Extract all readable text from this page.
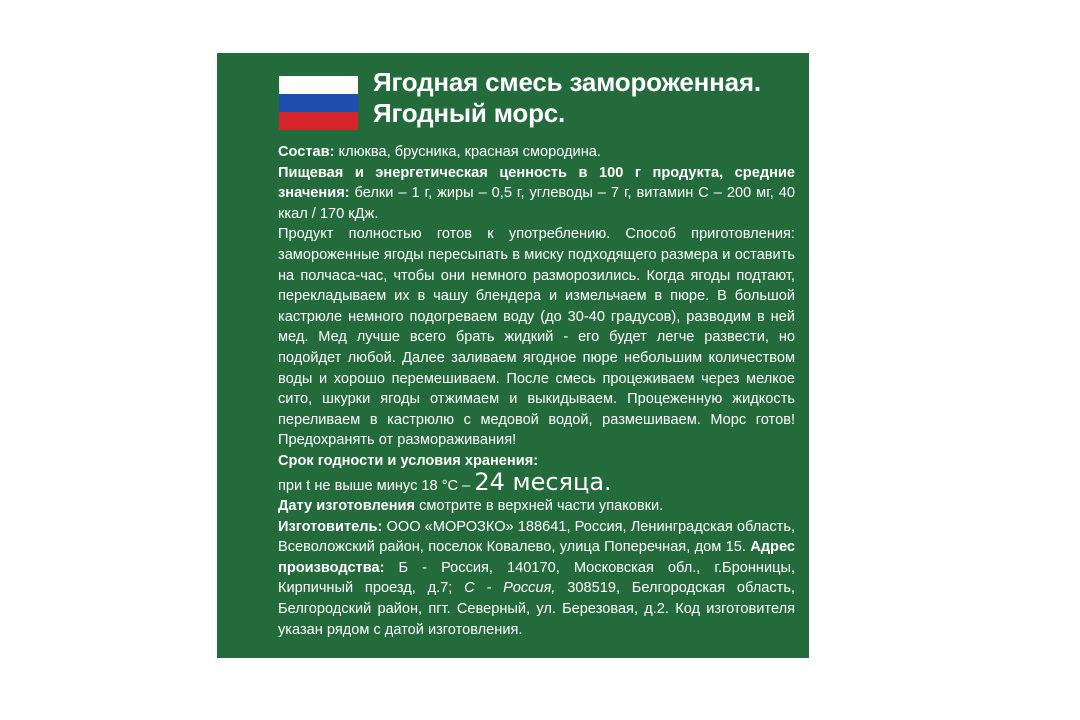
Ягодная смесь замороженная.
Ягодный морс.

Состав: клюква, брусника, красная смородина.

Пищевая и энергетическая ценность в 100 г продукта, средние значения: белки – 1 г, жиры – 0,5 г, углеводы – 7 г, витамин С – 200 мг, 40 ккал / 170 кДж.

Продукт полностью готов к употреблению. Способ приготовления: замороженные ягоды пересыпать в миску подходящего размера и оставить на полчаса-час, чтобы они немного разморозились. Когда ягоды подтают, перекладываем их в чашу блендера и измельчаем в пюре. В большой кастрюле немного подогреваем воду (до 30-40 градусов), разводим в ней мед. Мед лучше всего брать жидкий - его будет легче развести, но подойдет любой. Далее заливаем ягодное пюре небольшим количеством воды и хорошо перемешиваем. После смесь процеживаем через мелкое сито, шкурки ягоды отжимаем и выкидываем. Процеженную жидкость переливаем в кастрюлю с медовой водой, размешиваем. Морс готов! Предохранять от размораживания!

Срок годности и условия хранения:

при t не выше минус 18 °С – 24 месяца.

Дату изготовления смотрите в верхней части упаковки.

Изготовитель: ООО «МОРОЗКО» 188641, Россия, Ленинградская область, Всеволожский район, поселок Ковалево, улица Поперечная, дом 15. Адрес производства: Б - Россия, 140170, Московская обл., г.Бронницы, Кирпичный проезд, д.7; С - Россия, 308519, Белгородская область, Белгородский район, пгт. Северный, ул. Березовая, д.2. Код изготовителя указан рядом с датой изготовления.
